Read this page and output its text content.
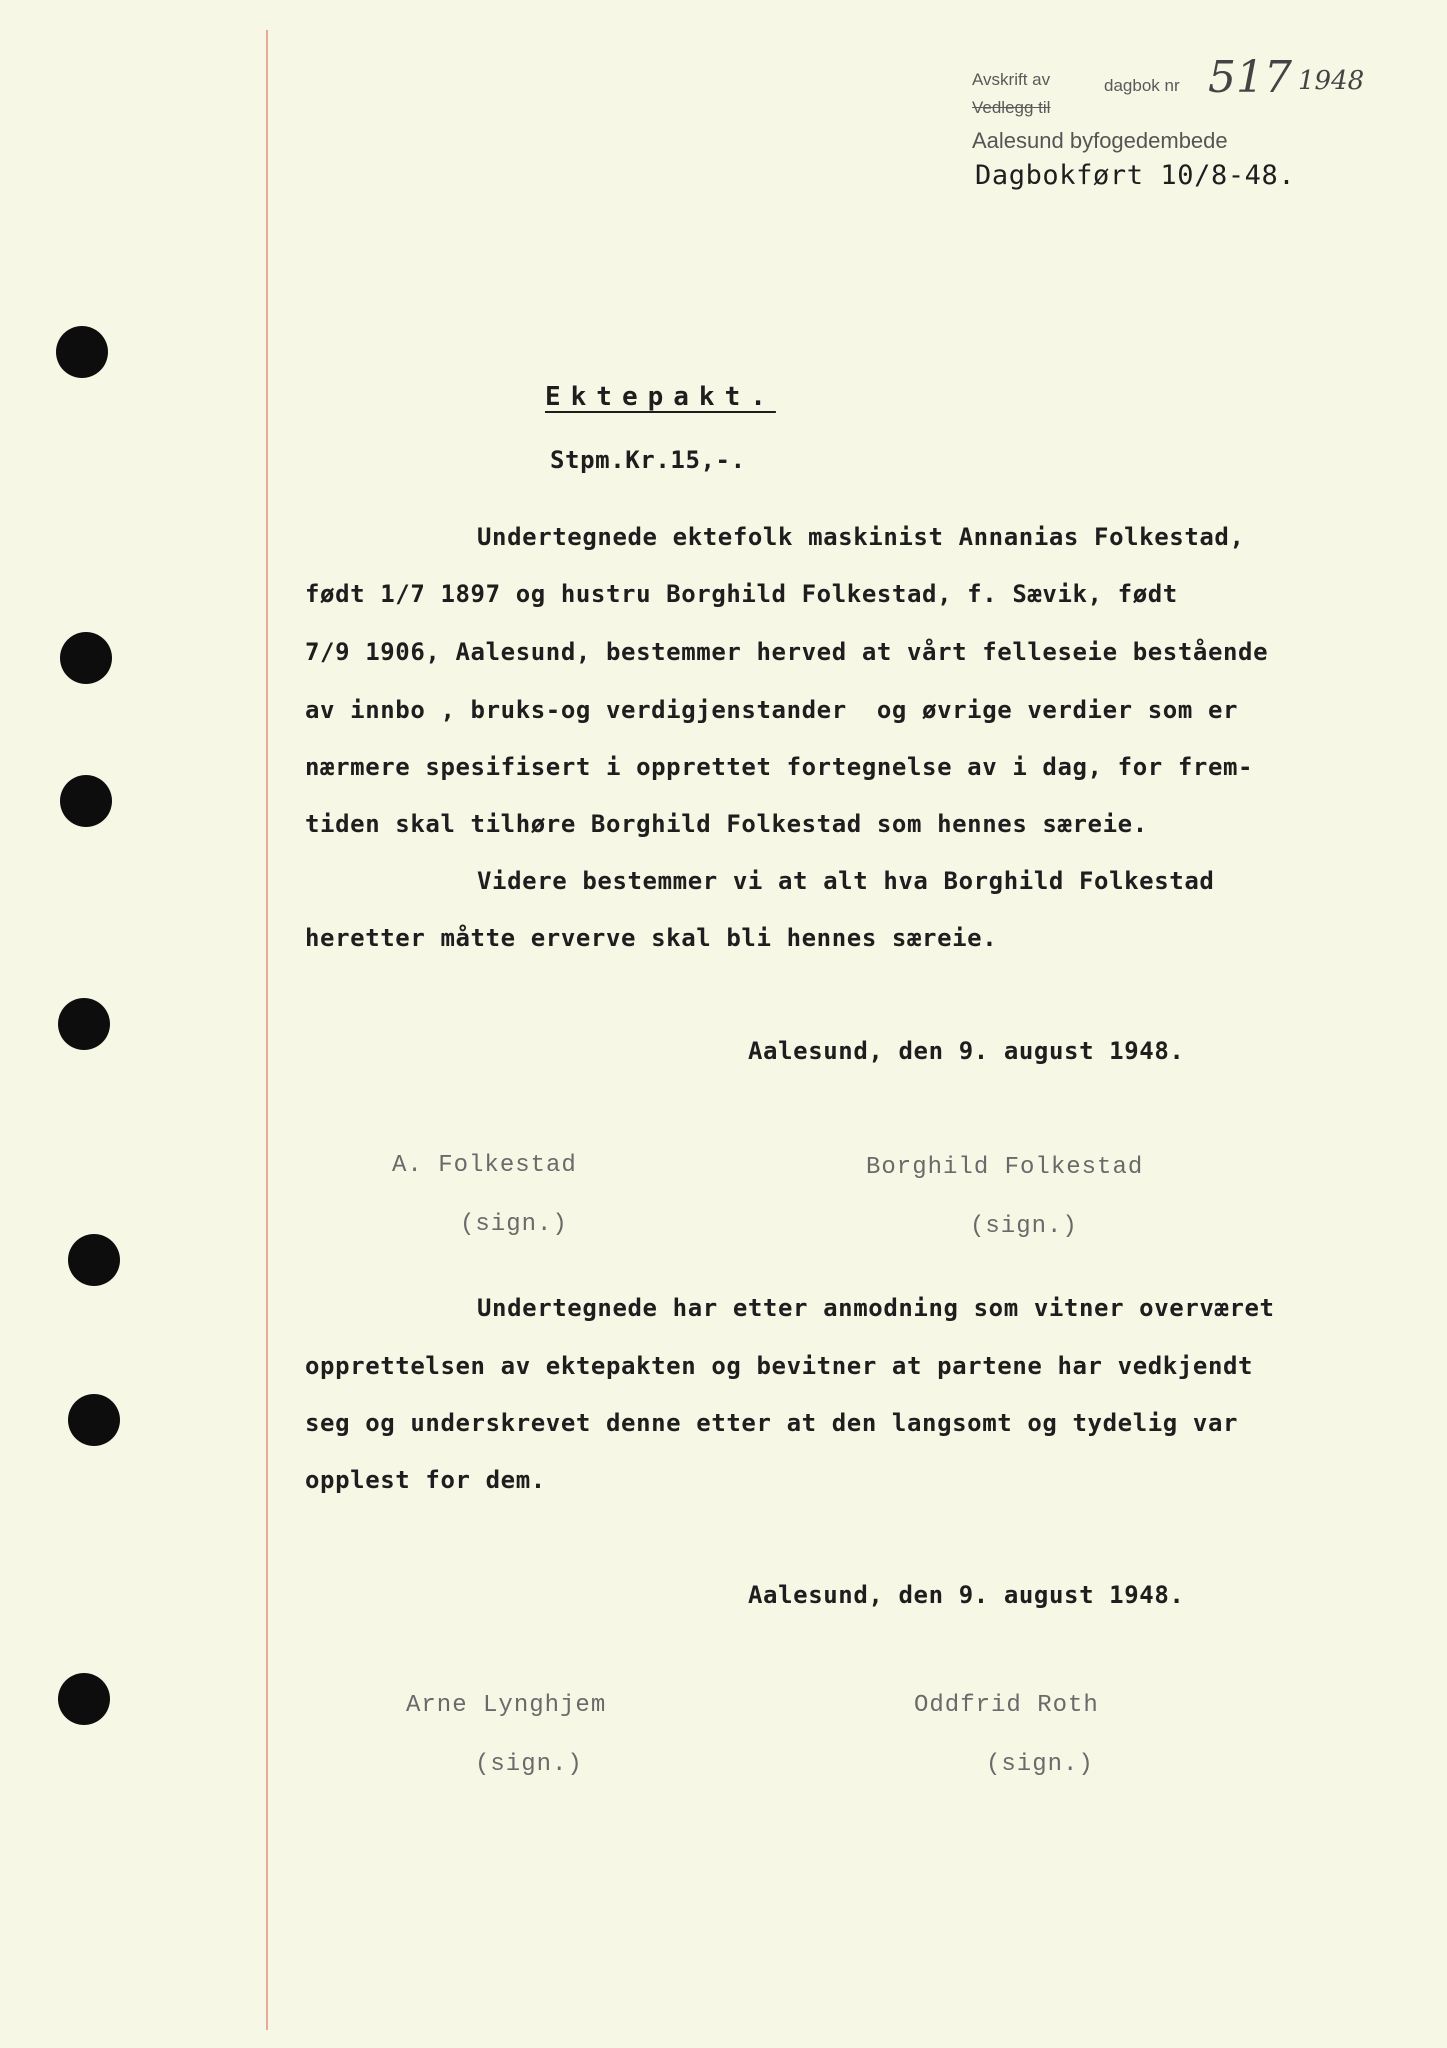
Avskrift av	dagbok nr 517 1948
Vedlegg til
Aalesund byfogedembede
Dagbokført 10/8-48.
Ektepakt.
Stpm.Kr.15,-.
Undertegnede ektefolk maskinist Annanias Folkestad,
født 1/7 1897 og hustru Borghild Folkestad, f. Sævik, født
7/9 1906, Aalesund, bestemmer herved at vårt felleseie bestående
av innbo , bruks-og verdigjenstander  og øvrige verdier som er
nærmere spesifisert i opprettet fortegnelse av i dag, for frem-
tiden skal tilhøre Borghild Folkestad som hennes særeie.
Videre bestemmer vi at alt hva Borghild Folkestad
heretter måtte erverve skal bli hennes særeie.
Aalesund, den 9. august 1948.
A. Folkestad
(sign.)
Borghild Folkestad
(sign.)
Undertegnede har etter anmodning som vitner overværet
opprettelsen av ektepakten og bevitner at partene har vedkjendt
seg og underskrevet denne etter at den langsomt og tydelig var
opplest for dem.
Aalesund, den 9. august 1948.
Arne Lynghjem
(sign.)
Oddfrid Roth
(sign.)
